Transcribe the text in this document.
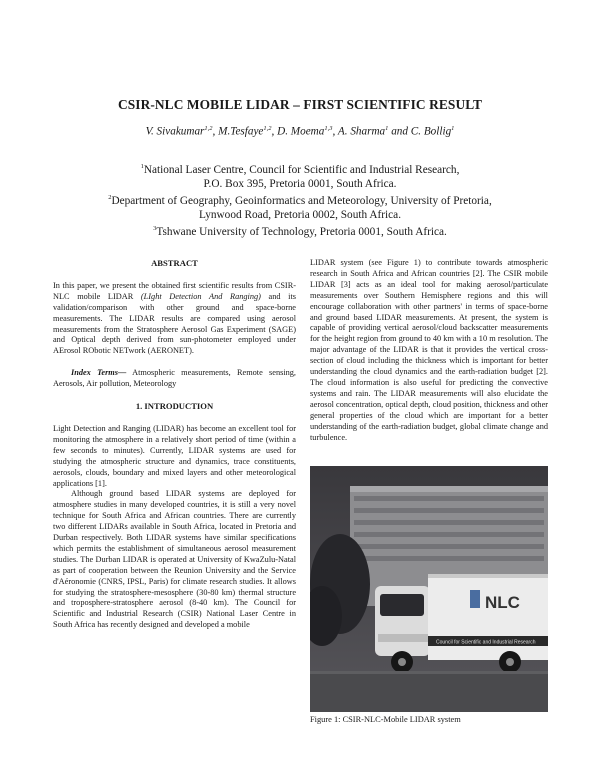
CSIR-NLC MOBILE LIDAR – FIRST SCIENTIFIC RESULT
V. Sivakumar$^{1,2}$, M.Tesfaye$^{1,2}$, D. Moema$^{1,3}$, A. Sharma$^1$ and C. Bollig$^1$
$^1$National Laser Centre, Council for Scientific and Industrial Research,
P.O. Box 395, Pretoria 0001, South Africa.
$^2$Department of Geography, Geoinformatics and Meteorology, University of Pretoria,
Lynwood Road, Pretoria 0002, South Africa.
$^3$Tshwane University of Technology, Pretoria 0001, South Africa.

ABSTRACT

In this paper, we present the obtained first scientific results from CSIR-NLC mobile LIDAR (LIght Detection And Ranging) and its validation/comparison with other ground and space-borne measurements. The LIDAR results are compared using aerosol measurements from the Stratosphere Aerosol Gas Experiment (SAGE) and Optical depth derived from sun-photometer employed under AErosol RObotic NETwork (AERONET).

Index Terms— Atmospheric measurements, Remote sensing, Aerosols, Air pollution, Meteorology

1. INTRODUCTION

Light Detection and Ranging (LIDAR) has become an excellent tool for monitoring the atmosphere in a relatively short period of time (within a few seconds to minutes). Currently, LIDAR systems are used for studying the atmospheric structure and dynamics, trace constituents, aerosols, clouds, boundary and mixed layers and other meteorological applications [1].

Although ground based LIDAR systems are deployed for atmosphere studies in many developed countries, it is still a very novel technique for South Africa and African countries. There are currently two different LIDARs available in South Africa, located in Pretoria and Durban respectively. Both LIDAR systems have similar specifications which permits the establishment of simultaneous aerosol measurement studies. The Durban LIDAR is operated at University of KwaZulu-Natal as part of cooperation between the Reunion University and the Service d'Aéronomie (CNRS, IPSL, Paris) for climate research studies. It allows for studying the stratosphere-mesosphere (30-80 km) thermal structure and troposphere-stratosphere aerosol (8-40 km). The Council for Scientific and Industrial Research (CSIR) National Laser Centre in South Africa has recently designed and developed a mobile

LIDAR system (see Figure 1) to contribute towards atmospheric research in South Africa and African countries [2]. The CSIR mobile LIDAR [3] acts as an ideal tool for making aerosol/particulate measurements over Southern Hemisphere regions and this will encourage collaboration with other partners' in terms of space-borne and ground based LIDAR measurements. At present, the system is capable of providing vertical aerosol/cloud backscatter measurements for the height region from ground to 40 km with a 10 m resolution. The major advantage of the LIDAR is that it provides the vertical cross-section of cloud including the thickness which is important for better understanding the cloud dynamics and the earth-radiation budget [2]. The cloud information is also useful for predicting the convective systems and rain. The LIDAR measurements will also elucidate the aerosol concentration, optical depth, cloud position, thickness and other general properties of the cloud which are important for a better understanding of the earth-radiation budget, global climate change and turbulence.

NLC
Council for Scientific and Industrial Research
Figure 1: CSIR-NLC-Mobile LIDAR system
